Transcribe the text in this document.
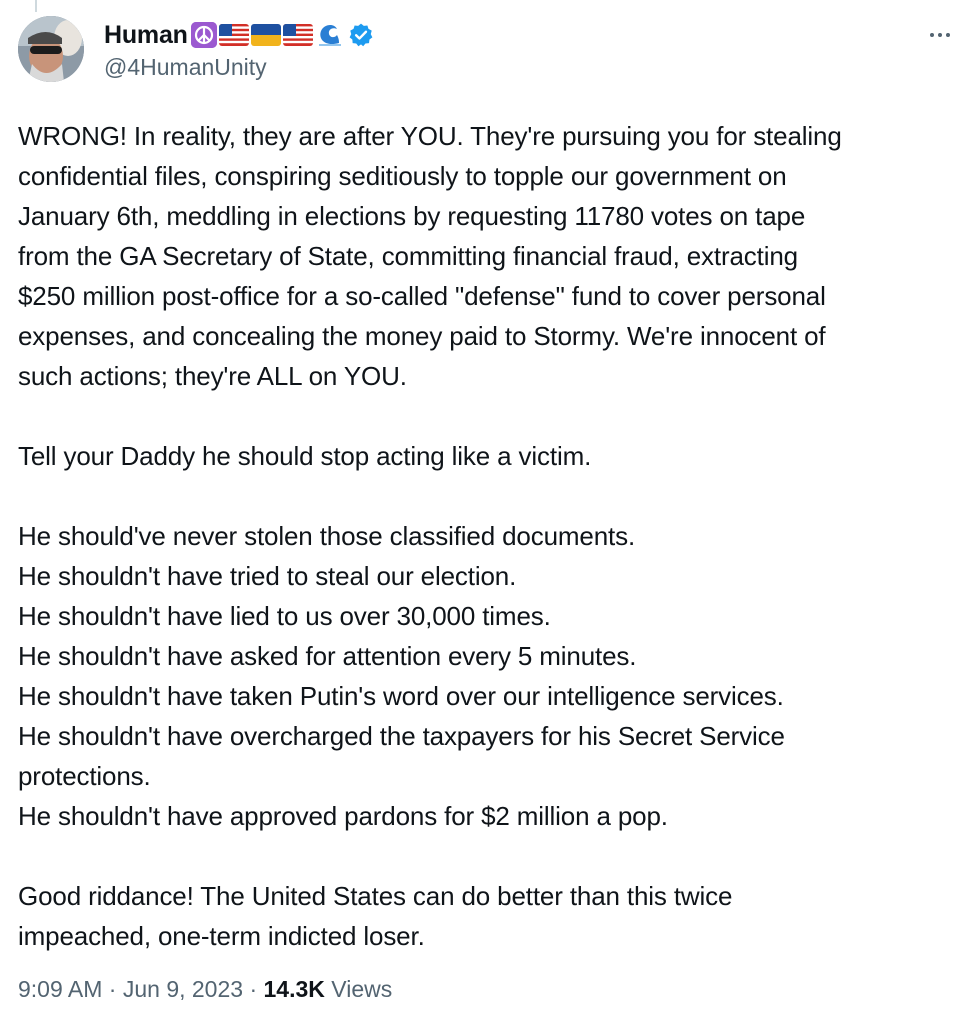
Human
@4HumanUnity

WRONG! In reality, they are after YOU. They're pursuing you for stealing
confidential files, conspiring seditiously to topple our government on
January 6th, meddling in elections by requesting 11780 votes on tape
from the GA Secretary of State, committing financial fraud, extracting
$250 million post-office for a so-called "defense" fund to cover personal
expenses, and concealing the money paid to Stormy. We're innocent of
such actions; they're ALL on YOU.

Tell your Daddy he should stop acting like a victim.

He should've never stolen those classified documents.
He shouldn't have tried to steal our election.
He shouldn't have lied to us over 30,000 times.
He shouldn't have asked for attention every 5 minutes.
He shouldn't have taken Putin's word over our intelligence services.
He shouldn't have overcharged the taxpayers for his Secret Service
protections.
He shouldn't have approved pardons for $2 million a pop.

Good riddance! The United States can do better than this twice
impeached, one-term indicted loser.

9:09 AM · Jun 9, 2023 · 14.3K Views
